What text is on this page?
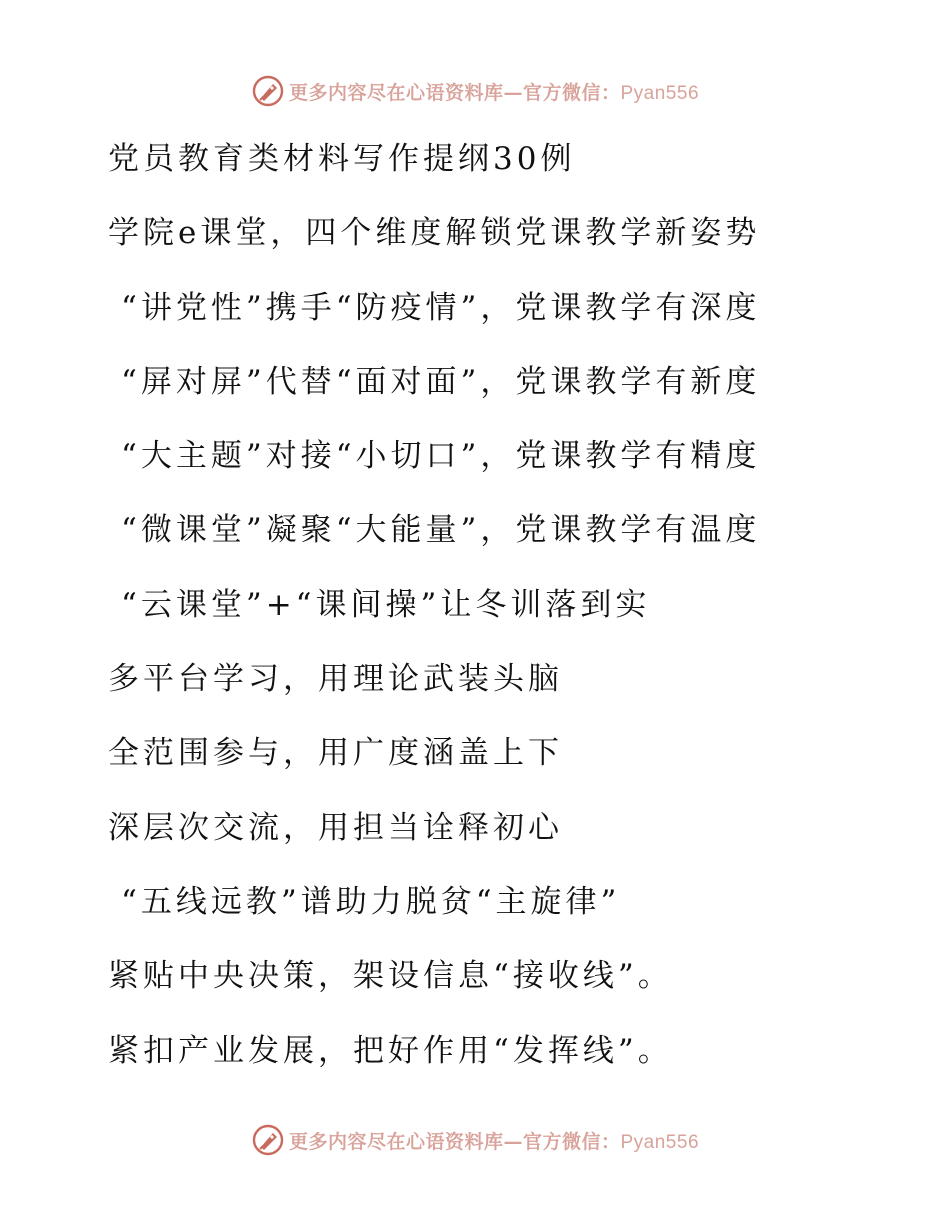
更多内容尽在心语资料库—官方微信：Pyan556
党员教育类材料写作提纲30例
学院e课堂，四个维度解锁党课教学新姿势
“讲党性”携手“防疫情”，党课教学有深度
“屏对屏”代替“面对面”，党课教学有新度
“大主题”对接“小切口”，党课教学有精度
“微课堂”凝聚“大能量”，党课教学有温度
“云课堂”+“课间操”让冬训落到实
多平台学习，用理论武装头脑
全范围参与，用广度涵盖上下
深层次交流，用担当诠释初心
“五线远教”谱助力脱贫“主旋律”
紧贴中央决策，架设信息“接收线”。
紧扣产业发展，把好作用“发挥线”。
更多内容尽在心语资料库—官方微信：Pyan556
